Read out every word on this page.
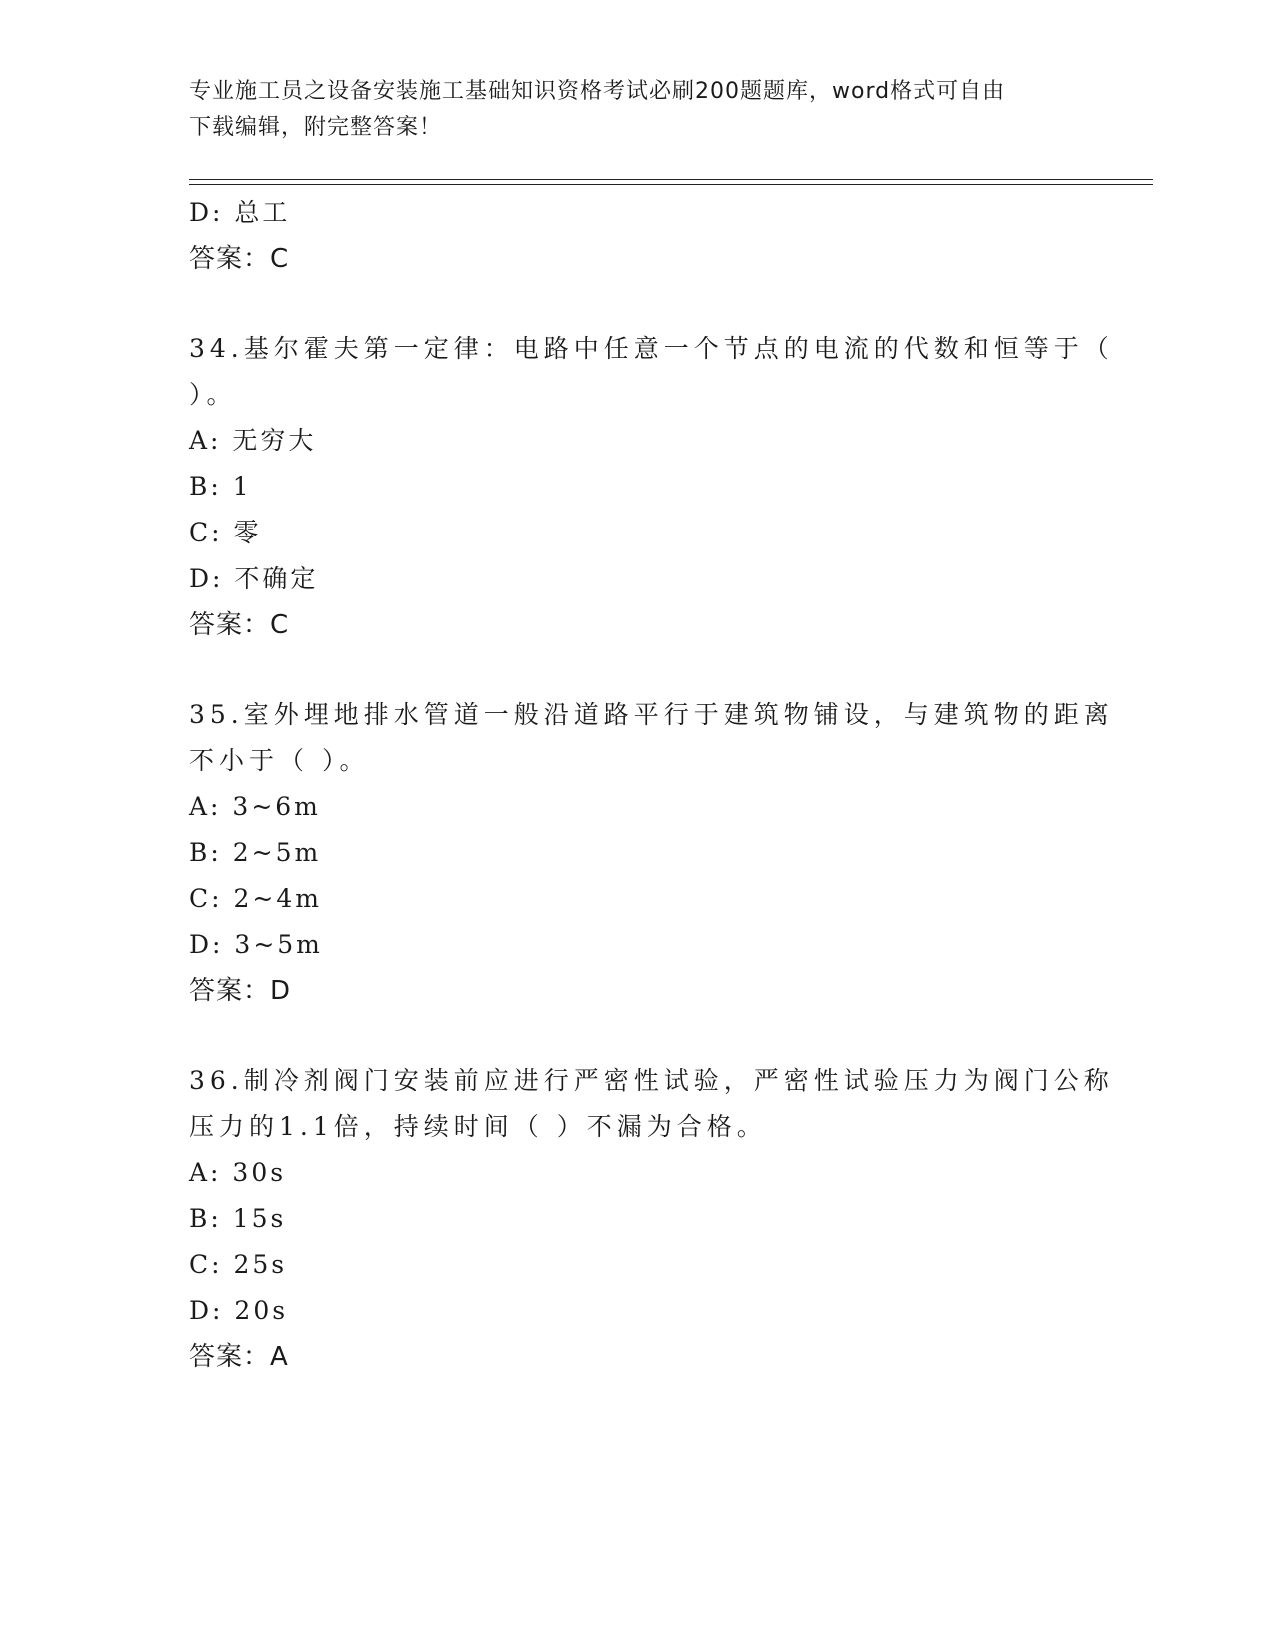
专业施工员之设备安装施工基础知识资格考试必刷200题题库，word格式可自由
下载编辑，附完整答案！
D: 总工
答案：C
34.基尔霍夫第一定律：电路中任意一个节点的电流的代数和恒等于（
）。
A: 无穷大
B: 1
C: 零
D: 不确定
答案：C
35.室外埋地排水管道一般沿道路平行于建筑物铺设，与建筑物的距离
不小于（ ）。
A: 3~6m
B: 2~5m
C: 2~4m
D: 3~5m
答案：D
36.制冷剂阀门安装前应进行严密性试验，严密性试验压力为阀门公称
压力的1.1倍，持续时间（ ）不漏为合格。
A: 30s
B: 15s
C: 25s
D: 20s
答案：A
